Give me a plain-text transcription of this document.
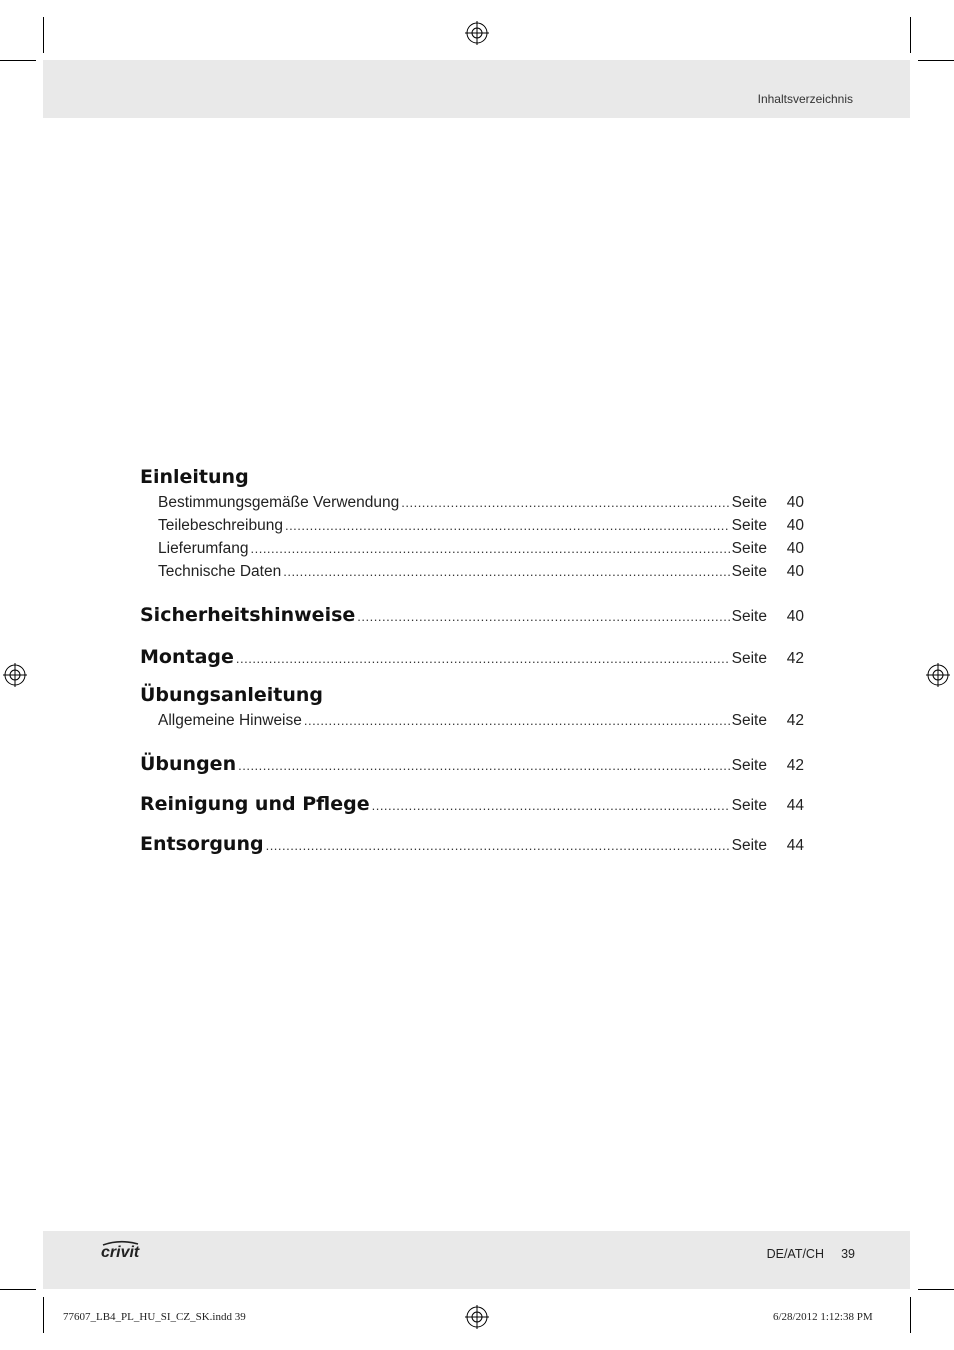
Inhaltsverzeichnis
Einleitung
Bestimmungsgemäße Verwendung .....	Seite	40
Teilebeschreibung .....	Seite	40
Lieferumfang .....	Seite	40
Technische Daten .....	Seite	40
Sicherheitshinweise .....	Seite	40
Montage .....	Seite	42
Übungsanleitung
Allgemeine Hinweise .....	Seite	42
Übungen .....	Seite	42
Reinigung und Pflege .....	Seite	44
Entsorgung .....	Seite	44
crivit	DE/AT/CH 39
77607_LB4_PL_HU_SI_CZ_SK.indd 39	6/28/2012 1:12:38 PM
